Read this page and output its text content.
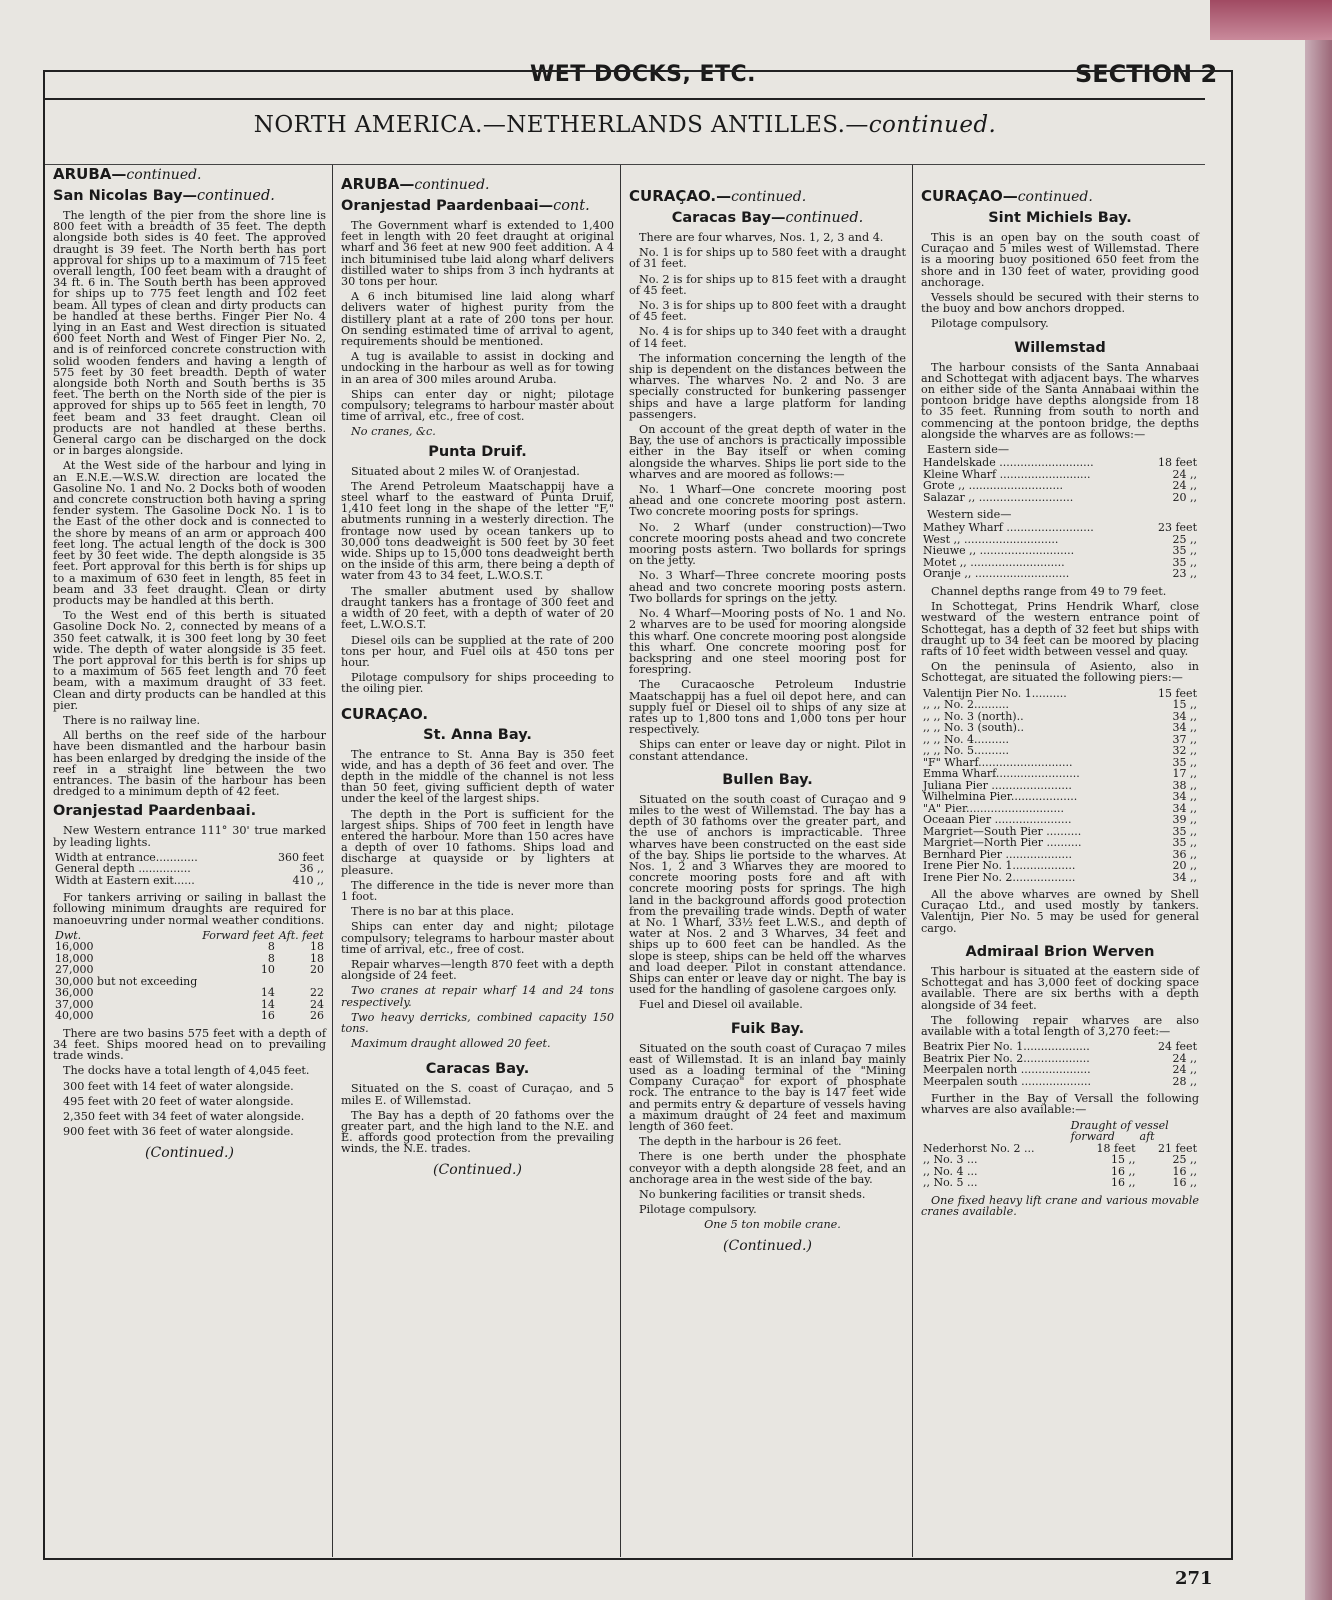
WET DOCKS, ETC.	SECTION 2
NORTH AMERICA.—NETHERLANDS ANTILLES.—continued.
ARUBA—continued.
San Nicolas Bay—continued.

The length of the pier from the shore line is 800 feet with a breadth of 35 feet. The depth alongside both sides is 40 feet. The approved draught is 39 feet. The North berth has port approval for ships up to a maximum of 715 feet overall length, 100 feet beam with a draught of 34 ft. 6 in. The South berth has been approved for ships up to 775 feet length and 102 feet beam. All types of clean and dirty products can be handled at these berths. Finger Pier No. 4 lying in an East and West direction is situated 600 feet North and West of Finger Pier No. 2, and is of reinforced concrete construction with solid wooden fenders and having a length of 575 feet by 30 feet breadth. Depth of water alongside both North and South berths is 35 feet. The berth on the North side of the pier is approved for ships up to 565 feet in length, 70 feet beam and 33 feet draught. Clean oil products are not handled at these berths. General cargo can be discharged on the dock or in barges alongside.

At the West side of the harbour and lying in an E.N.E.—W.S.W. direction are located the Gasoline No. 1 and No. 2 Docks both of wooden and concrete construction both having a spring fender system. The Gasoline Dock No. 1 is to the East of the other dock and is connected to the shore by means of an arm or approach 400 feet long. The actual length of the dock is 300 feet by 30 feet wide. The depth alongside is 35 feet. Port approval for this berth is for ships up to a maximum of 630 feet in length, 85 feet in beam and 33 feet draught. Clean or dirty products may be handled at this berth.

To the West end of this berth is situated Gasoline Dock No. 2, connected by means of a 350 feet catwalk, it is 300 feet long by 30 feet wide. The depth of water alongside is 35 feet. The port approval for this berth is for ships up to a maximum of 565 feet length and 70 feet beam, with a maximum draught of 33 feet. Clean and dirty products can be handled at this pier.

There is no railway line.

All berths on the reef side of the harbour have been dismantled and the harbour basin has been enlarged by dredging the inside of the reef in a straight line between the two entrances. The basin of the harbour has been dredged to a minimum depth of 42 feet.

Oranjestad Paardenbaai.

New Western entrance 111° 30' true marked by leading lights.

Width at entrance............	360 feet
General depth ...............	36 ,,
Width at Eastern exit......	410 ,,

For tankers arriving or sailing in ballast the following minimum draughts are required for manoeuvring under normal weather conditions.

Dwt.	Forward feet	Aft. feet
16,000	8	18
18,000	8	18
27,000	10	20
30,000 but not exceeding		
36,000	14	22
37,000	14	24
40,000	16	26

There are two basins 575 feet with a depth of 34 feet. Ships moored head on to prevailing trade winds.

The docks have a total length of 4,045 feet.

300 feet with 14 feet of water alongside.

495 feet with 20 feet of water alongside.

2,350 feet with 34 feet of water alongside.

900 feet with 36 feet of water alongside.

(Continued.)
ARUBA—continued.
Oranjestad Paardenbaai—cont.

The Government wharf is extended to 1,400 feet in length with 20 feet draught at original wharf and 36 feet at new 900 feet addition. A 4 inch bituminised tube laid along wharf delivers distilled water to ships from 3 inch hydrants at 30 tons per hour.

A 6 inch bitumised line laid along wharf delivers water of highest purity from the distillery plant at a rate of 200 tons per hour. On sending estimated time of arrival to agent, requirements should be mentioned.

A tug is available to assist in docking and undocking in the harbour as well as for towing in an area of 300 miles around Aruba.

Ships can enter day or night; pilotage compulsory; telegrams to harbour master about time of arrival, etc., free of cost.

No cranes, &c.

Punta Druif.

Situated about 2 miles W. of Oranjestad.

The Arend Petroleum Maatschappij have a steel wharf to the eastward of Punta Druif, 1,410 feet long in the shape of the letter "F," abutments running in a westerly direction. The frontage now used by ocean tankers up to 30,000 tons deadweight is 500 feet by 30 feet wide. Ships up to 15,000 tons deadweight berth on the inside of this arm, there being a depth of water from 43 to 34 feet, L.W.O.S.T.

The smaller abutment used by shallow draught tankers has a frontage of 300 feet and a width of 20 feet, with a depth of water of 20 feet, L.W.O.S.T.

Diesel oils can be supplied at the rate of 200 tons per hour, and Fuel oils at 450 tons per hour.

Pilotage compulsory for ships proceeding to the oiling pier.

CURAÇAO.
St. Anna Bay.

The entrance to St. Anna Bay is 350 feet wide, and has a depth of 36 feet and over. The depth in the middle of the channel is not less than 50 feet, giving sufficient depth of water under the keel of the largest ships.

The depth in the Port is sufficient for the largest ships. Ships of 700 feet in length have entered the harbour. More than 150 acres have a depth of over 10 fathoms. Ships load and discharge at quayside or by lighters at pleasure.

The difference in the tide is never more than 1 foot.

There is no bar at this place.

Ships can enter day and night; pilotage compulsory; telegrams to harbour master about time of arrival, etc., free of cost.

Repair wharves—length 870 feet with a depth alongside of 24 feet.

Two cranes at repair wharf 14 and 24 tons respectively.

Two heavy derricks, combined capacity 150 tons.

Maximum draught allowed 20 feet.

Caracas Bay.

Situated on the S. coast of Curaçao, and 5 miles E. of Willemstad.

The Bay has a depth of 20 fathoms over the greater part, and the high land to the N.E. and E. affords good protection from the prevailing winds, the N.E. trades.

(Continued.)
CURAÇAO.—continued.
Caracas Bay—continued.

There are four wharves, Nos. 1, 2, 3 and 4.

No. 1 is for ships up to 580 feet with a draught of 31 feet.

No. 2 is for ships up to 815 feet with a draught of 45 feet.

No. 3 is for ships up to 800 feet with a draught of 45 feet.

No. 4 is for ships up to 340 feet with a draught of 14 feet.

The information concerning the length of the ship is dependent on the distances between the wharves. The wharves No. 2 and No. 3 are specially constructed for bunkering passenger ships and have a large platform for landing passengers.

On account of the great depth of water in the Bay, the use of anchors is practically impossible either in the Bay itself or when coming alongside the wharves. Ships lie port side to the wharves and are moored as follows:—

No. 1 Wharf—One concrete mooring post ahead and one concrete mooring post astern. Two concrete mooring posts for springs.

No. 2 Wharf (under construction)—Two concrete mooring posts ahead and two concrete mooring posts astern. Two bollards for springs on the jetty.

No. 3 Wharf—Three concrete mooring posts ahead and two concrete mooring posts astern. Two bollards for springs on the jetty.

No. 4 Wharf—Mooring posts of No. 1 and No. 2 wharves are to be used for mooring alongside this wharf. One concrete mooring post alongside this wharf. One concrete mooring post for backspring and one steel mooring post for forespring.

The Curacaosche Petroleum Industrie Maatschappij has a fuel oil depot here, and can supply fuel or Diesel oil to ships of any size at rates up to 1,800 tons and 1,000 tons per hour respectively.

Ships can enter or leave day or night. Pilot in constant attendance.

Bullen Bay.

Situated on the south coast of Curaçao and 9 miles to the west of Willemstad. The bay has a depth of 30 fathoms over the greater part, and the use of anchors is impracticable. Three wharves have been constructed on the east side of the bay. Ships lie portside to the wharves. At Nos. 1, 2 and 3 Wharves they are moored to concrete mooring posts fore and aft with concrete mooring posts for springs. The high land in the background affords good protection from the prevailing trade winds. Depth of water at No. 1 Wharf, 33½ feet L.W.S., and depth of water at Nos. 2 and 3 Wharves, 34 feet and ships up to 600 feet can be handled. As the slope is steep, ships can be held off the wharves and load deeper. Pilot in constant attendance. Ships can enter or leave day or night. The bay is used for the handling of gasolene cargoes only.

Fuel and Diesel oil available.

Fuik Bay.

Situated on the south coast of Curaçao 7 miles east of Willemstad. It is an inland bay mainly used as a loading terminal of the "Mining Company Curaçao" for export of phosphate rock. The entrance to the bay is 147 feet wide and permits entry & departure of vessels having a maximum draught of 24 feet and maximum length of 360 feet.

The depth in the harbour is 26 feet.

There is one berth under the phosphate conveyor with a depth alongside 28 feet, and an anchorage area in the west side of the bay.

No bunkering facilities or transit sheds.

Pilotage compulsory.

One 5 ton mobile crane.

(Continued.)
CURAÇAO—continued.
Sint Michiels Bay.

This is an open bay on the south coast of Curaçao and 5 miles west of Willemstad. There is a mooring buoy positioned 650 feet from the shore and in 130 feet of water, providing good anchorage.

Vessels should be secured with their sterns to the buoy and bow anchors dropped.

Pilotage compulsory.

Willemstad

The harbour consists of the Santa Annabaai and Schottegat with adjacent bays. The wharves on either side of the Santa Annabaai within the pontoon bridge have depths alongside from 18 to 35 feet. Running from south to north and commencing at the pontoon bridge, the depths alongside the wharves are as follows:—

Eastern side—
Handelskade ...........................	18 feet
Kleine Wharf ..........................	24 ,,
Grote ,, ...........................	24 ,,
Salazar ,, ...........................	20 ,,
Western side—
Mathey Wharf .........................	23 feet
West ,, ...........................	25 ,,
Nieuwe ,, ...........................	35 ,,
Motet ,, ...........................	35 ,,
Oranje ,, ...........................	23 ,,

Channel depths range from 49 to 79 feet.

In Schottegat, Prins Hendrik Wharf, close westward of the western entrance point of Schottegat, has a depth of 32 feet but ships with draught up to 34 feet can be moored by placing rafts of 10 feet width between vessel and quay.

On the peninsula of Asiento, also in Schottegat, are situated the following piers:—

Valentijn Pier No. 1..........	15 feet
,, ,, No. 2..........	15 ,,
,, ,, No. 3 (north)..	34 ,,
,, ,, No. 3 (south)..	34 ,,
,, ,, No. 4..........	37 ,,
,, ,, No. 5..........	32 ,,
"F" Wharf...........................	35 ,,
Emma Wharf........................	17 ,,
Juliana Pier .......................	38 ,,
Wilhelmina Pier...................	34 ,,
"A" Pier............................	34 ,,
Oceaan Pier ......................	39 ,,
Margriet—South Pier ..........	35 ,,
Margriet—North Pier ..........	35 ,,
Bernhard Pier ...................	36 ,,
Irene Pier No. 1..................	20 ,,
Irene Pier No. 2..................	34 ,,

All the above wharves are owned by Shell Curaçao Ltd., and used mostly by tankers. Valentijn, Pier No. 5 may be used for general cargo.

Admiraal Brion Werven

This harbour is situated at the eastern side of Schottegat and has 3,000 feet of docking space available. There are six berths with a depth alongside of 34 feet.

The following repair wharves are also available with a total length of 3,270 feet:—

Beatrix Pier No. 1...................	24 feet
Beatrix Pier No. 2...................	24 ,,
Meerpalen north ....................	24 ,,
Meerpalen south ....................	28 ,,

Further in the Bay of Versall the following wharves are also available:—

	Draught of vessel	
	forward	aft
Nederhorst No. 2 ...	18 feet	21 feet
,, No. 3 ...	15 ,,	25 ,,
,, No. 4 ...	16 ,,	16 ,,
,, No. 5 ...	16 ,,	16 ,,

One fixed heavy lift crane and various movable cranes available.

271
